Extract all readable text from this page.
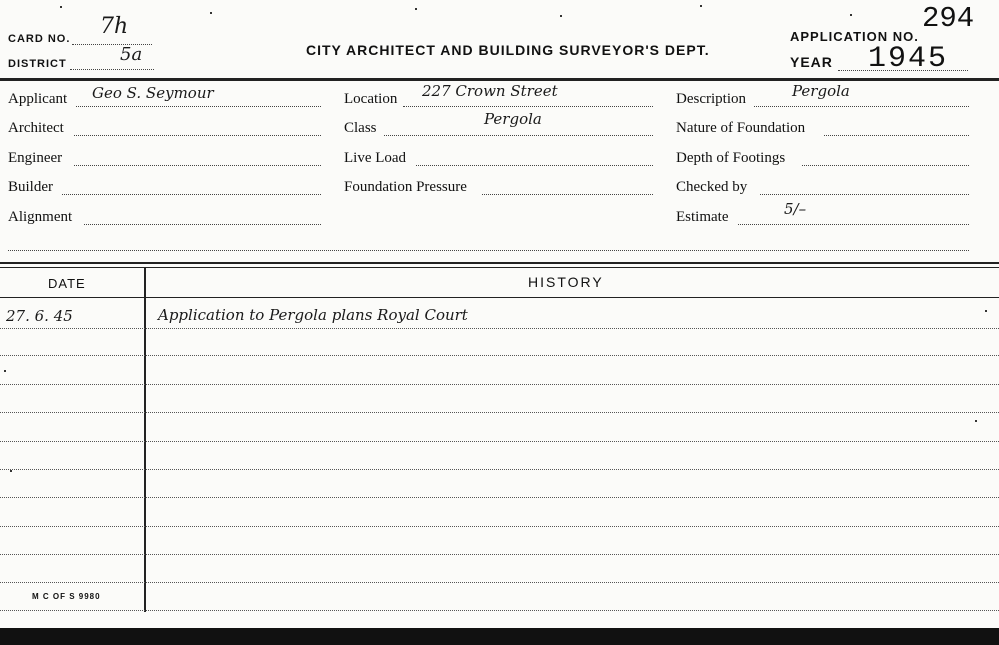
CARD NO. 7h
DISTRICT	5a	CITY ARCHITECT AND BUILDING SURVEYOR'S DEPT.
APPLICATION NO.
294
YEAR 1945
Applicant Geo S. Seymour
Architect
Engineer
Builder
Alignment
Location 227 Crown Street
Class	Pergola
Live Load
Foundation Pressure
Description	Pergola
Nature of Foundation
Depth of Footings
Checked by
Estimate	5/–
DATE	HISTORY
27. 6. 45	Application to Pergola plans Royal Court
M C OF S 9980
